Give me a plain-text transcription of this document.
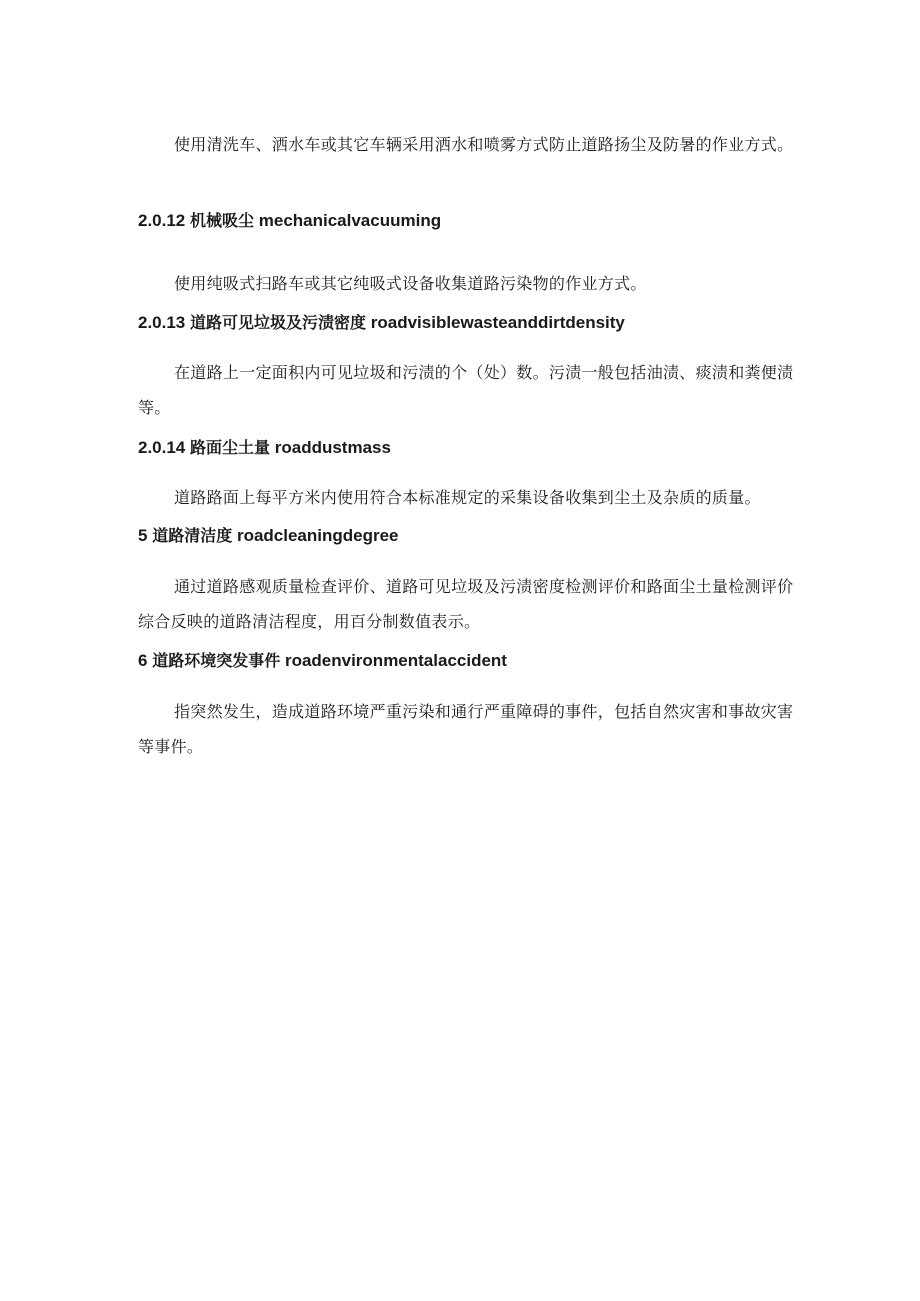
使用清洗车、洒水车或其它车辆采用洒水和喷雾方式防止道路扬尘及防暑的作业方式。

2.0.12 机械吸尘 mechanicalvacuuming

使用纯吸式扫路车或其它纯吸式设备收集道路污染物的作业方式。

2.0.13 道路可见垃圾及污渍密度 roadvisiblewasteanddirtdensity

在道路上一定面积内可见垃圾和污渍的个（处）数。污渍一般包括油渍、痰渍和粪便渍等。

2.0.14 路面尘土量 roaddustmass

道路路面上每平方米内使用符合本标准规定的采集设备收集到尘土及杂质的质量。

5 道路清洁度 roadcleaningdegree

通过道路感观质量检查评价、道路可见垃圾及污渍密度检测评价和路面尘土量检测评价综合反映的道路清洁程度，用百分制数值表示。

6 道路环境突发事件 roadenvironmentalaccident

指突然发生，造成道路环境严重污染和通行严重障碍的事件，包括自然灾害和事故灾害等事件。
